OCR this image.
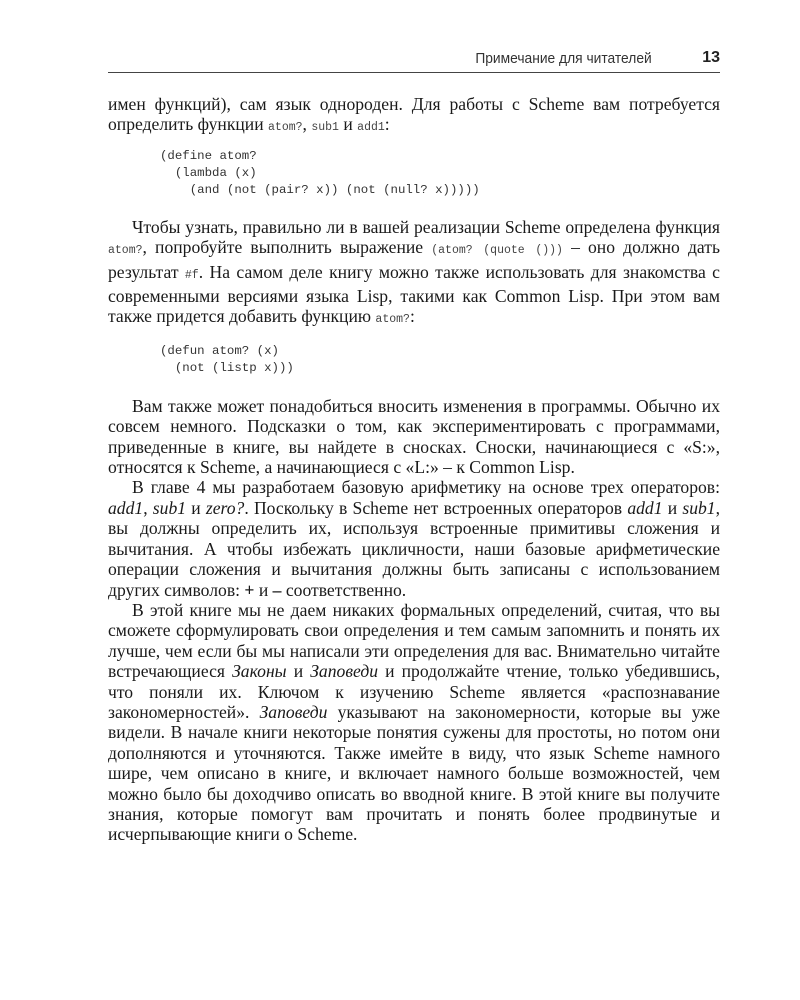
Примечание для читателей	13

имен функций), сам язык однороден. Для работы с Scheme вам потребуется определить функции atom?, sub1 и add1:

(define atom?
(lambda (x)
(and (not (pair? x)) (not (null? x)))))

Чтобы узнать, правильно ли в вашей реализации Scheme определена функция atom?, попробуйте выполнить выражение (atom? (quote ())) – оно должно дать результат #f. На самом деле книгу можно также использовать для знакомства с современными версиями языка Lisp, такими как Common Lisp. При этом вам также придется добавить функцию atom?:

(defun atom? (x)
(not (listp x)))

Вам также может понадобиться вносить изменения в программы. Обычно их совсем немного. Подсказки о том, как экспериментировать с программами, приведенные в книге, вы найдете в сносках. Сноски, начинающиеся с «S:», относятся к Scheme, а начинающиеся с «L:» – к Common Lisp.

В главе 4 мы разработаем базовую арифметику на основе трех операторов: add1, sub1 и zero?. Поскольку в Scheme нет встроенных операторов add1 и sub1, вы должны определить их, используя встроенные примитивы сложения и вычитания. А чтобы избежать цикличности, наши базовые арифметические операции сложения и вычитания должны быть записаны с использованием других символов: + и – соответственно.

В этой книге мы не даем никаких формальных определений, считая, что вы сможете сформулировать свои определения и тем самым запомнить и понять их лучше, чем если бы мы написали эти определения для вас. Внимательно читайте встречающиеся Законы и Заповеди и продолжайте чтение, только убедившись, что поняли их. Ключом к изучению Scheme является «распознавание закономерностей». Заповеди указывают на закономерности, которые вы уже видели. В начале книги некоторые понятия сужены для простоты, но потом они дополняются и уточняются. Также имейте в виду, что язык Scheme намного шире, чем описано в книге, и включает намного больше возможностей, чем можно было бы доходчиво описать во вводной книге. В этой книге вы получите знания, которые помогут вам прочитать и понять более продвинутые и исчерпывающие книги о Scheme.
